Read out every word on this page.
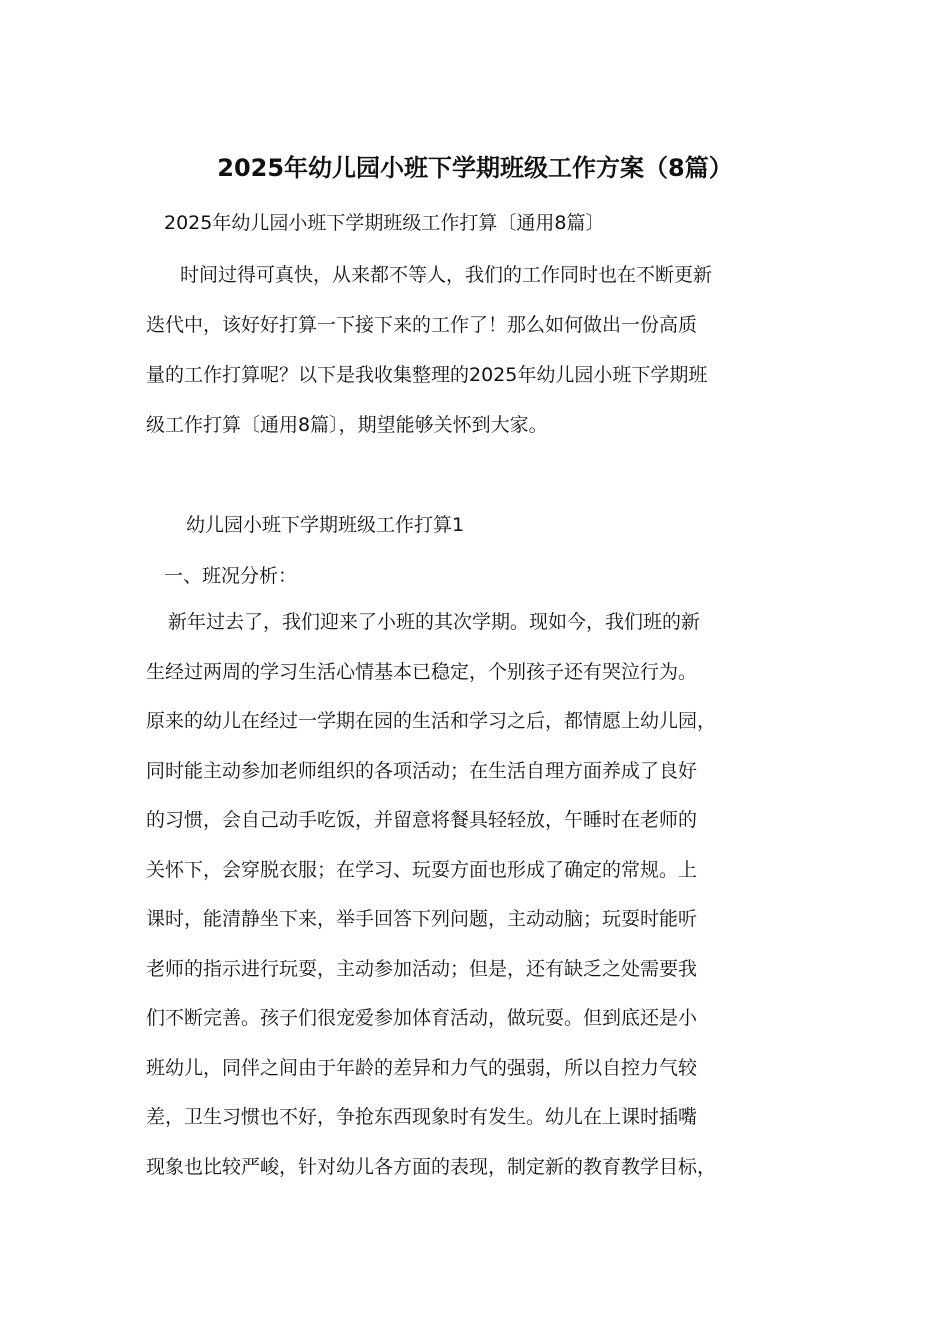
2025年幼儿园小班下学期班级工作方案（8篇）

2025年幼儿园小班下学期班级工作打算〔通用8篇〕

时间过得可真快，从来都不等人，我们的工作同时也在不断更新
迭代中，该好好打算一下接下来的工作了！那么如何做出一份高质
量的工作打算呢？以下是我收集整理的2025年幼儿园小班下学期班
级工作打算〔通用8篇〕，期望能够关怀到大家。

幼儿园小班下学期班级工作打算1

一、班况分析：

新年过去了，我们迎来了小班的其次学期。现如今，我们班的新
生经过两周的学习生活心情基本已稳定，个别孩子还有哭泣行为。
原来的幼儿在经过一学期在园的生活和学习之后，都情愿上幼儿园，
同时能主动参加老师组织的各项活动；在生活自理方面养成了良好
的习惯，会自己动手吃饭，并留意将餐具轻轻放，午睡时在老师的
关怀下，会穿脱衣服；在学习、玩耍方面也形成了确定的常规。上
课时，能清静坐下来，举手回答下列问题，主动动脑；玩耍时能听
老师的指示进行玩耍，主动参加活动；但是，还有缺乏之处需要我
们不断完善。孩子们很宠爱参加体育活动，做玩耍。但到底还是小
班幼儿，同伴之间由于年龄的差异和力气的强弱，所以自控力气较
差，卫生习惯也不好，争抢东西现象时有发生。幼儿在上课时插嘴
现象也比较严峻，针对幼儿各方面的表现，制定新的教育教学目标，
